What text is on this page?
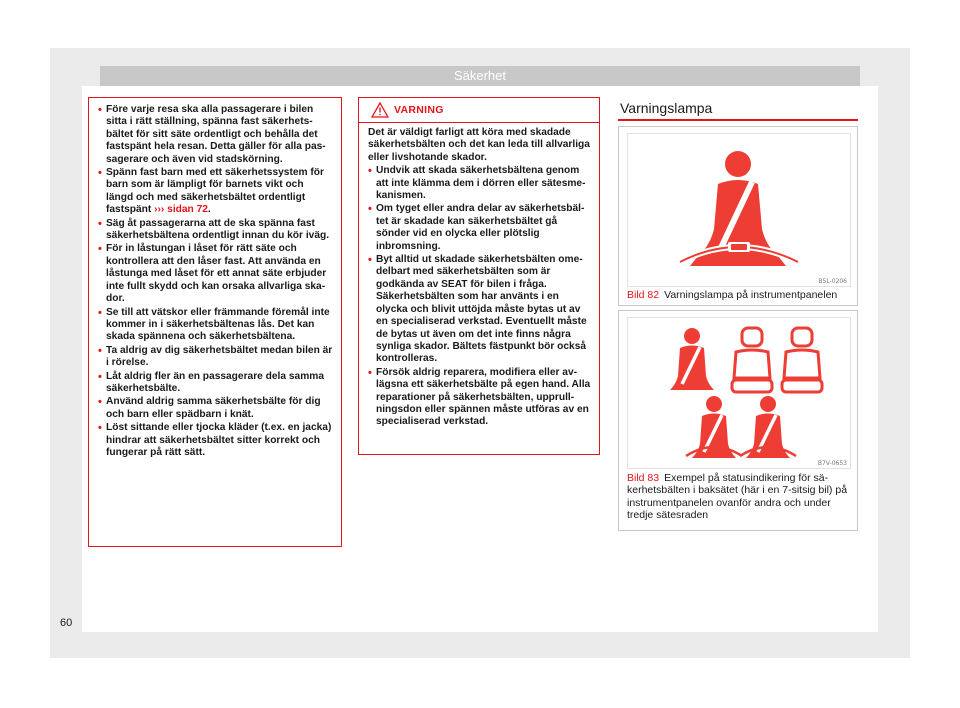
Säkerhet
• Före varje resa ska alla passagerare i bilen sitta i rätt ställning, spänna fast säkerhetsbältet för sitt säte ordentligt och behålla det fastspänt hela resan. Detta gäller för alla passagerare och även vid stadskörning.
• Spänn fast barn med ett säkerhetssystem för barn som är lämpligt för barnets vikt och längd och med säkerhetsbältet ordentligt fastspänt ››› sidan 72.
• Säg åt passagerarna att de ska spänna fast säkerhetsbältena ordentligt innan du kör iväg.
• För in låstungan i låset för rätt säte och kontrollera att den låser fast. Att använda en låstunga med låset för ett annat säte erbjuder inte fullt skydd och kan orsaka allvarliga skador.
• Se till att vätskor eller främmande föremål inte kommer in i säkerhetsbältenas lås. Det kan skada spännena och säkerhetsbältena.
• Ta aldrig av dig säkerhetsbältet medan bilen är i rörelse.
• Låt aldrig fler än en passagerare dela samma säkerhetsbälte.
• Använd aldrig samma säkerhetsbälte för dig och barn eller spädbarn i knät.
• Löst sittande eller tjocka kläder (t.ex. en jacka) hindrar att säkerhetsbältet sitter korrekt och fungerar på rätt sätt.
VARNING

Det är väldigt farligt att köra med skadade säkerhetsbälten och det kan leda till allvarliga eller livshotande skador.

• Undvik att skada säkerhetsbältena genom att inte klämma dem i dörren eller sätesmekanismen.
• Om tyget eller andra delar av säkerhetsbältet är skadade kan säkerhetsbältet gå sönder vid en olycka eller plötslig inbromsning.
• Byt alltid ut skadade säkerhetsbälten omedelbart med säkerhetsbälten som är godkända av SEAT för bilen i fråga. Säkerhetsbälten som har använts i en olycka och blivit uttöjda måste bytas ut av en specialiserad verkstad. Eventuellt måste de bytas ut även om det inte finns några synliga skador. Bältets fästpunkt bör också kontrolleras.
• Försök aldrig reparera, modifiera eller avlägsna ett säkerhetsbälte på egen hand. Alla reparationer på säkerhetsbälten, upprullningsdon eller spännen måste utföras av en specialiserad verkstad.
Varningslampa
B5L-0206
Bild 82 Varningslampa på instrumentpanelen
B7V-0653
Bild 83 Exempel på statusindikering för säkerhetsbälten i baksätet (här i en 7-sitsig bil) på instrumentpanelen ovanför andra och under tredje sätesraden
60
